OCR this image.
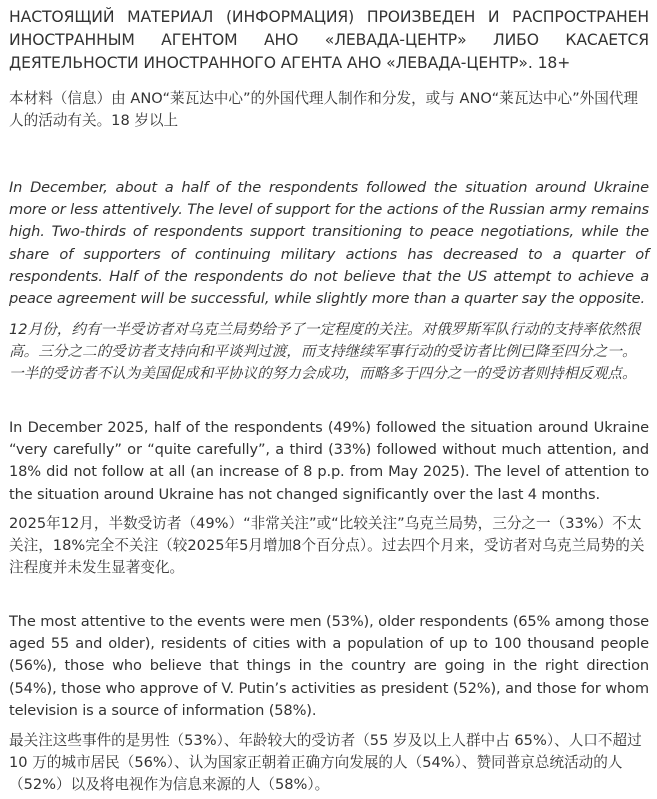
НАСТОЯЩИЙ МАТЕРИАЛ (ИНФОРМАЦИЯ) ПРОИЗВЕДЕН И РАСПРОСТРАНЕН ИНОСТРАННЫМ АГЕНТОМ АНО «ЛЕВАДА-ЦЕНТР» ЛИБО КАСАЕТСЯ ДЕЯТЕЛЬНОСТИ ИНОСТРАННОГО АГЕНТА АНО «ЛЕВАДА-ЦЕНТР». 18+

本材料（信息）由 ANO“莱瓦达中心”的外国代理人制作和分发，或与 ANO“莱瓦达中心”外国代理人的活动有关。18 岁以上

In December, about a half of the respondents followed the situation around Ukraine more or less attentively. The level of support for the actions of the Russian army remains high. Two-thirds of respondents support transitioning to peace negotiations, while the share of supporters of continuing military actions has decreased to a quarter of respondents. Half of the respondents do not believe that the US attempt to achieve a peace agreement will be successful, while slightly more than a quarter say the opposite.

12月份，约有一半受访者对乌克兰局势给予了一定程度的关注。对俄罗斯军队行动的支持率依然很高。三分之二的受访者支持向和平谈判过渡，而支持继续军事行动的受访者比例已降至四分之一。一半的受访者不认为美国促成和平协议的努力会成功，而略多于四分之一的受访者则持相反观点。

In December 2025, half of the respondents (49%) followed the situation around Ukraine “very carefully” or “quite carefully”, a third (33%) followed without much attention, and 18% did not follow at all (an increase of 8 p.p. from May 2025). The level of attention to the situation around Ukraine has not changed significantly over the last 4 months.

2025年12月，半数受访者（49%）“非常关注”或“比较关注”乌克兰局势，三分之一（33%）不太关注，18%完全不关注（较2025年5月增加8个百分点）。过去四个月来，受访者对乌克兰局势的关注程度并未发生显著变化。

The most attentive to the events were men (53%), older respondents (65% among those aged 55 and older), residents of cities with a population of up to 100 thousand people (56%), those who believe that things in the country are going in the right direction (54%), those who approve of V. Putin’s activities as president (52%), and those for whom television is a source of information (58%).

最关注这些事件的是男性（53%）、年龄较大的受访者（55 岁及以上人群中占 65%）、人口不超过 10 万的城市居民（56%）、认为国家正朝着正确方向发展的人（54%）、赞同普京总统活动的人（52%）以及将电视作为信息来源的人（58%）。
